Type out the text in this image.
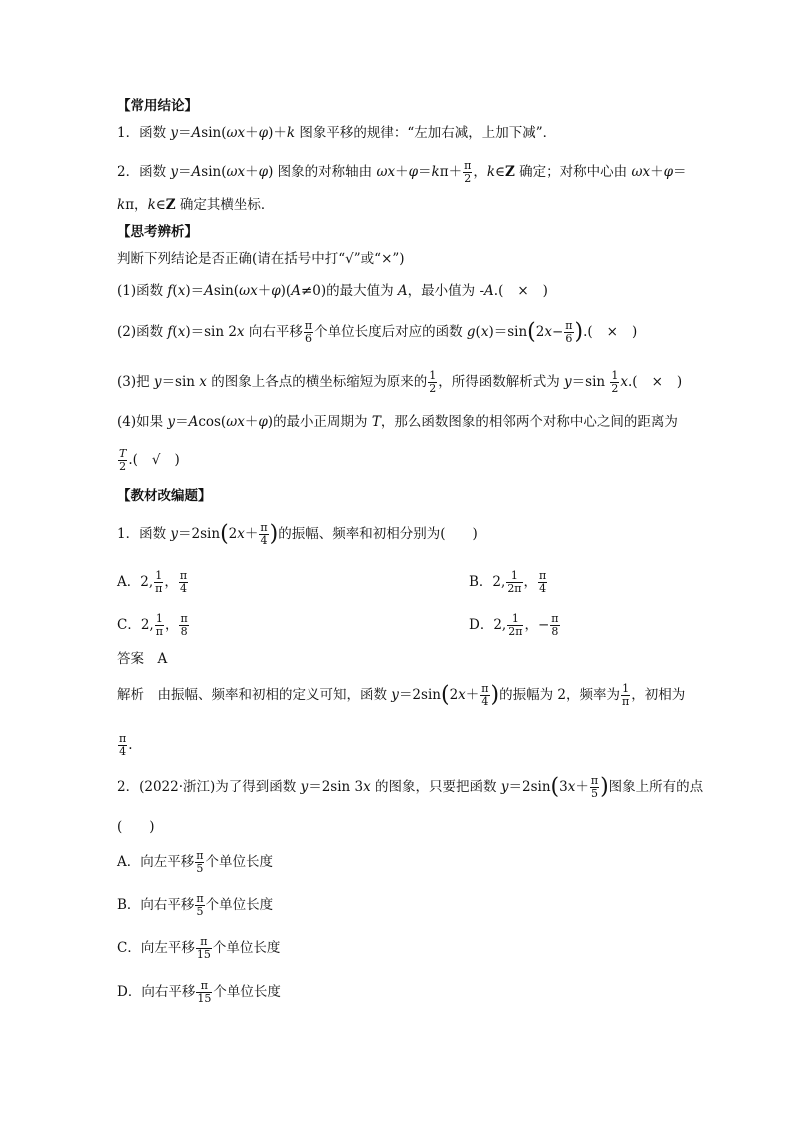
【常用结论】
1．函数 y＝Asin(ωx＋φ)＋k 图象平移的规律：“左加右减，上加下减”．
2．函数 y＝Asin(ωx＋φ) 图象的对称轴由 $\omega x+\varphi=k\pi+ \frac{\pi}{2}$ ，k∈Z 确定；对称中心由 ωx＋φ＝
kπ，k∈Z 确定其横坐标．
【思考辨析】
判断下列结论是否正确(请在括号中打“√”或“×”)
(1)函数 f(x)＝Asin(ωx＋φ)(A≠0)的最大值为 A，最小值为 ‑A.( × )
(2)函数 f(x)＝sin 2x 向右平移 $\frac{\pi}{6}$ 个单位长度后对应的函数 $g(x)=\sin(2x- \frac{\pi}{6}$ ).( × )
(3)把 y＝sin x 的图象上各点的横坐标缩短为原来的 $\frac{1}{2}$ ，所得函数解析式为 $y=\sin \frac{1}{2} x$.( × )
(4)如果 y＝Acos(ωx＋φ)的最小正周期为 T，那么函数图象的相邻两个对称中心之间的距离为
$\frac{T}{2}$ .( √ )
【教材改编题】
1．函数 $y=2\sin(2x+ \frac{\pi}{4}$ )的振幅、频率和初相分别为(　　)
A．2, $\frac{1}{\pi}$ ， $\frac{\pi}{4}$	B．2, $\frac{1}{2\pi}$ ， $\frac{\pi}{4}$
C．2, $\frac{1}{\pi}$ ， $\frac{\pi}{8}$	D．2, $\frac{1}{2\pi}$ ，− $\frac{\pi}{8}$
答案　A
解析　由振幅、频率和初相的定义可知，函数 $y=2\sin(2x+ \frac{\pi}{4}$ )的振幅为 2，频率为 $\frac{1}{\pi}$ ，初相为
$\frac{\pi}{4}$ .
2．(2022·浙江)为了得到函数 y＝2sin 3x 的图象，只要把函数 $y=2\sin(3x+ \frac{\pi}{5}$ )图象上所有的点
(　　)
A．向左平移 $\frac{\pi}{5}$ 个单位长度
B．向右平移 $\frac{\pi}{5}$ 个单位长度
C．向左平移 $\frac{\pi}{15}$ 个单位长度
D．向右平移 $\frac{\pi}{15}$ 个单位长度
